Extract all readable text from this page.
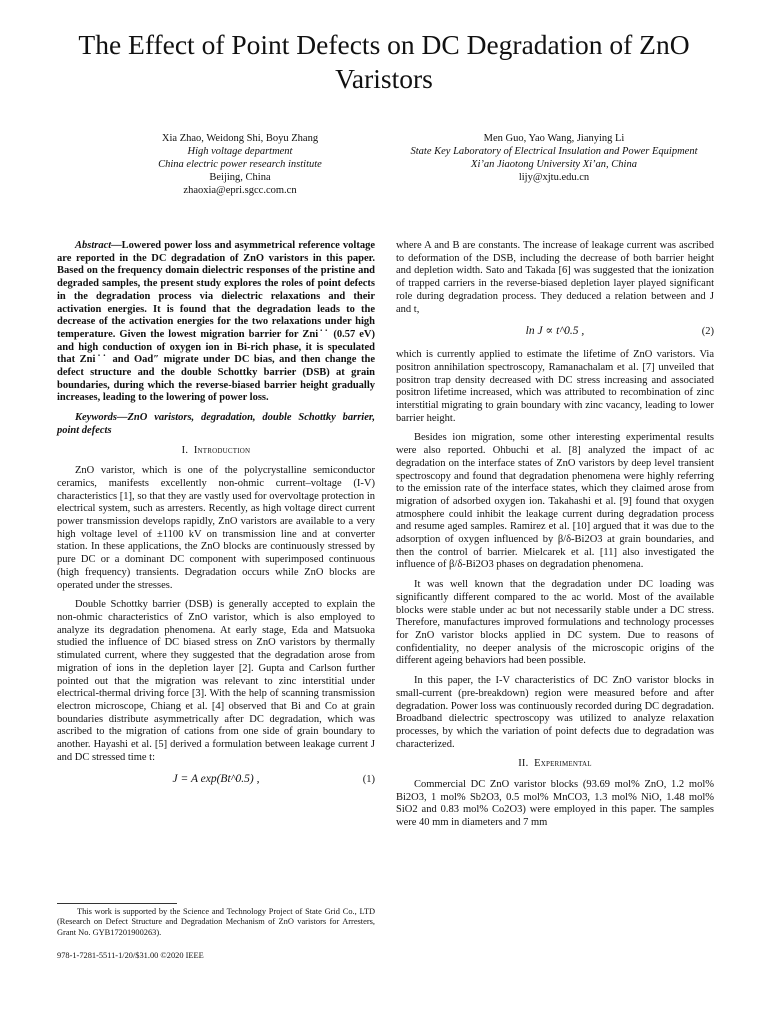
The Effect of Point Defects on DC Degradation of ZnO Varistors
Xia Zhao, Weidong Shi, Boyu Zhang
High voltage department
China electric power research institute
Beijing, China
zhaoxia@epri.sgcc.com.cn
Men Guo, Yao Wang, Jianying Li
State Key Laboratory of Electrical Insulation and Power Equipment
Xi’an Jiaotong University Xi’an, China
lijy@xjtu.edu.cn

Abstract—Lowered power loss and asymmetrical reference voltage are reported in the DC degradation of ZnO varistors in this paper. Based on the frequency domain dielectric responses of the pristine and degraded samples, the present study explores the roles of point defects in the degradation process via dielectric relaxations and their activation energies. It is found that the degradation leads to the decrease of the activation energies for the two relaxations under high temperature. Given the lowest migration barrier for Zni˙˙ (0.57 eV) and high conduction of oxygen ion in Bi-rich phase, it is speculated that Zni˙˙ and Oad″ migrate under DC bias, and then change the defect structure and the double Schottky barrier (DSB) at grain boundaries, during which the reverse-biased barrier height gradually increases, leading to the lowering of power loss.

Keywords—ZnO varistors, degradation, double Schottky barrier, point defects

I. Introduction

ZnO varistor, which is one of the polycrystalline semiconductor ceramics, manifests excellently non-ohmic current–voltage (I-V) characteristics [1], so that they are vastly used for overvoltage protection in electrical system, such as arresters. Recently, as high voltage direct current power transmission develops rapidly, ZnO varistors are available to a very high voltage level of ±1100 kV on transmission line and at converter station. In these applications, the ZnO blocks are continuously stressed by pure DC or a dominant DC component with superimposed continuous (high frequency) transients. Degradation occurs while ZnO blocks are operated under the stresses.

Double Schottky barrier (DSB) is generally accepted to explain the non-ohmic characteristics of ZnO varistor, which is also employed to analyze its degradation phenomena. At early stage, Eda and Matsuoka studied the influence of DC biased stress on ZnO varistors by thermally stimulated current, where they suggested that the degradation arose from migration of ions in the depletion layer [2]. Gupta and Carlson further pointed out that the migration was relevant to zinc interstitial under electrical-thermal driving force [3]. With the help of scanning transmission electron microscope, Chiang et al. [4] observed that Bi and Co at grain boundaries distribute asymmetrically after DC degradation, which was ascribed to the migration of cations from one side of grain boundary to another. Hayashi et al. [5] derived a formulation between leakage current J and DC stressed time t:

J = A exp(Bt^0.5) ,	(1)

where A and B are constants. The increase of leakage current was ascribed to deformation of the DSB, including the decrease of both barrier height and depletion width. Sato and Takada [6] was suggested that the ionization of trapped carriers in the reverse-biased depletion layer played significant role during degradation process. They deduced a relation between and J and t,

ln J ∝ t^0.5 ,	(2)

which is currently applied to estimate the lifetime of ZnO varistors. Via positron annihilation spectroscopy, Ramanachalam et al. [7] unveiled that positron trap density decreased with DC stress increasing and associated positron lifetime increased, which was attributed to recombination of zinc interstitial migrating to grain boundary with zinc vacancy, leading to lower barrier height.

Besides ion migration, some other interesting experimental results were also reported. Ohbuchi et al. [8] analyzed the impact of ac degradation on the interface states of ZnO varistors by deep level transient spectroscopy and found that degradation phenomena were highly referring to the emission rate of the interface states, which they claimed arose from migration of adsorbed oxygen ion. Takahashi et al. [9] found that oxygen atmosphere could inhibit the leakage current during degradation process and resume aged samples. Ramirez et al. [10] argued that it was due to the adsorption of oxygen influenced by β/δ-Bi2O3 at grain boundaries, and then the control of barrier. Mielcarek et al. [11] also investigated the influence of β/δ-Bi2O3 phases on degradation phenomena.

It was well known that the degradation under DC loading was significantly different compared to the ac world. Most of the available blocks were stable under ac but not necessarily stable under a DC stress. Therefore, manufactures improved formulations and technology processes for ZnO varistor blocks applied in DC system. Due to reasons of confidentiality, no deeper analysis of the microscopic origins of the different ageing behaviors had been possible.

In this paper, the I-V characteristics of DC ZnO varistor blocks in small-current (pre-breakdown) region were measured before and after degradation. Power loss was continuously recorded during DC degradation. Broadband dielectric spectroscopy was utilized to analyze relaxation processes, by which the variation of point defects due to degradation was characterized.

II. Experimental

Commercial DC ZnO varistor blocks (93.69 mol% ZnO, 1.2 mol% Bi2O3, 1 mol% Sb2O3, 0.5 mol% MnCO3, 1.3 mol% NiO, 1.48 mol% SiO2 and 0.83 mol% Co2O3) were employed in this paper. The samples were 40 mm in diameters and 7 mm

This work is supported by the Science and Technology Project of State Grid Co., LTD (Research on Defect Structure and Degradation Mechanism of ZnO varistors for Arresters, Grant No. GYB17201900263).
978-1-7281-5511-1/20/$31.00 ©2020 IEEE
